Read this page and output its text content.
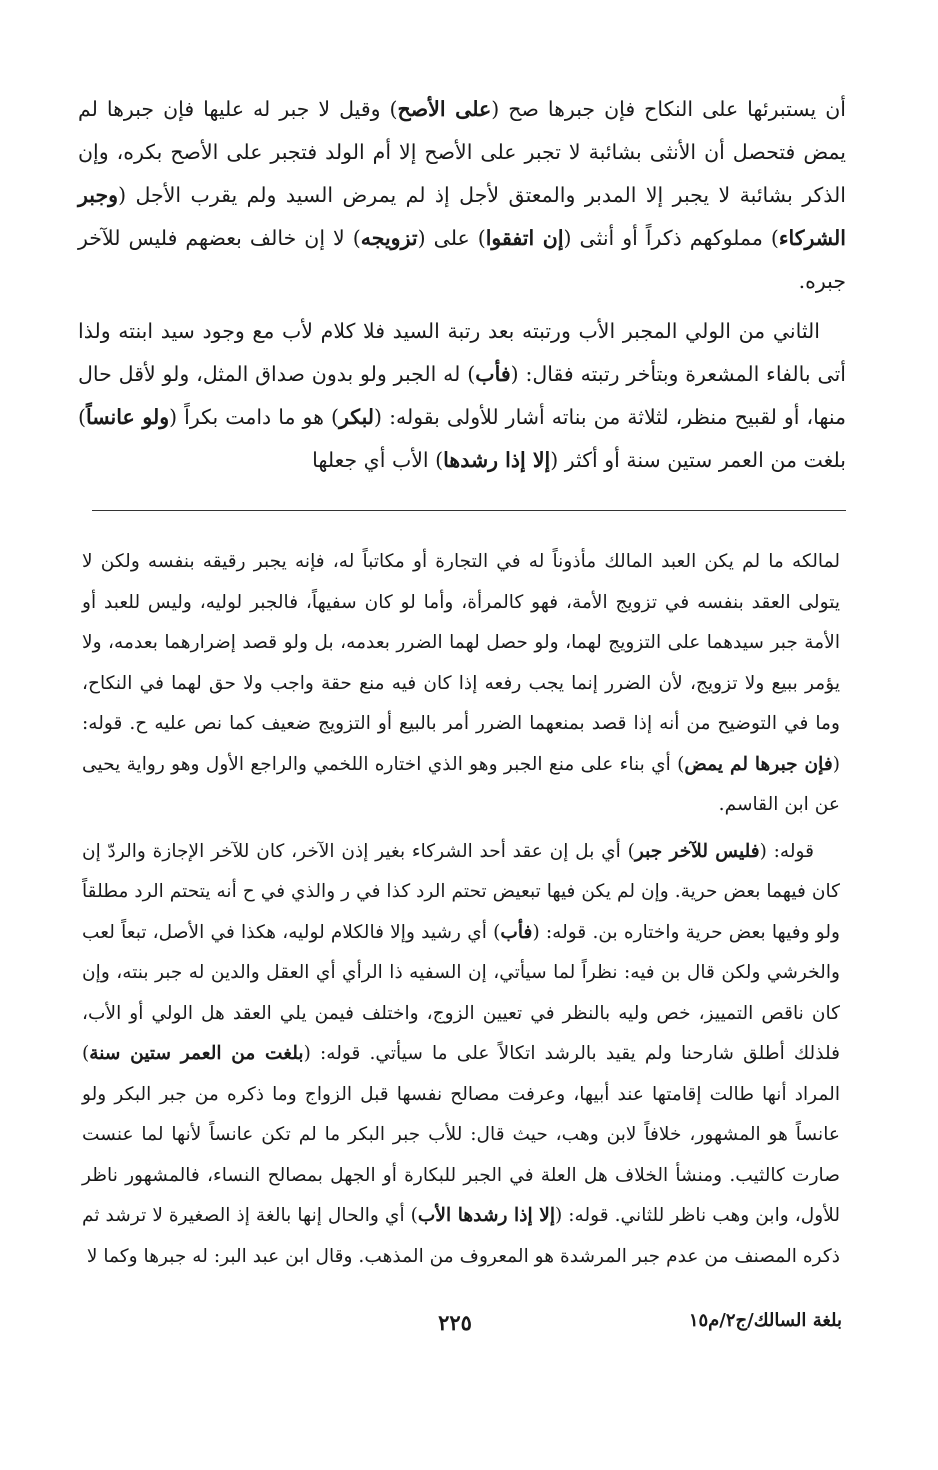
أن يستبرئها على النكاح فإن جبرها صح (على الأصح) وقيل لا جبر له عليها فإن جبرها لم يمض فتحصل أن الأنثى بشائبة لا تجبر على الأصح إلا أم الولد فتجبر على الأصح بكره، وإن الذكر بشائبة لا يجبر إلا المدبر والمعتق لأجل إذ لم يمرض السيد ولم يقرب الأجل (وجبر الشركاء) مملوكهم ذكراً أو أنثى (إن اتفقوا) على (تزويجه) لا إن خالف بعضهم فليس للآخر جبره.

الثاني من الولي المجبر الأب ورتبته بعد رتبة السيد فلا كلام لأب مع وجود سيد ابنته ولذا أتى بالفاء المشعرة وبتأخر رتبته فقال: (فأب) له الجبر ولو بدون صداق المثل، ولو لأقل حال منها، أو لقبيح منظر، لثلاثة من بناته أشار للأولى بقوله: (لبكر) هو ما دامت بكراً (ولو عانساً) بلغت من العمر ستين سنة أو أكثر (إلا إذا رشدها) الأب أي جعلها

لمالكه ما لم يكن العبد المالك مأذوناً له في التجارة أو مكاتباً له، فإنه يجبر رقيقه بنفسه ولكن لا يتولى العقد بنفسه في تزويج الأمة، فهو كالمرأة، وأما لو كان سفيهاً، فالجبر لوليه، وليس للعبد أو الأمة جبر سيدهما على التزويج لهما، ولو حصل لهما الضرر بعدمه، بل ولو قصد إضرارهما بعدمه، ولا يؤمر ببيع ولا تزويج، لأن الضرر إنما يجب رفعه إذا كان فيه منع حقة واجب ولا حق لهما في النكاح، وما في التوضيح من أنه إذا قصد بمنعهما الضرر أمر بالبيع أو التزويج ضعيف كما نص عليه ح. قوله: (فإن جبرها لم يمض) أي بناء على منع الجبر وهو الذي اختاره اللخمي والراجع الأول وهو رواية يحيى عن ابن القاسم.

قوله: (فليس للآخر جبر) أي بل إن عقد أحد الشركاء بغير إذن الآخر، كان للآخر الإجازة والردّ إن كان فيهما بعض حرية. وإن لم يكن فيها تبعيض تحتم الرد كذا في ر والذي في ح أنه يتحتم الرد مطلقاً ولو وفيها بعض حرية واختاره بن. قوله: (فأب) أي رشيد وإلا فالكلام لوليه، هكذا في الأصل، تبعاً لعب والخرشي ولكن قال بن فيه: نظراً لما سيأتي، إن السفيه ذا الرأي أي العقل والدين له جبر بنته، وإن كان ناقص التمييز، خص وليه بالنظر في تعيين الزوج، واختلف فيمن يلي العقد هل الولي أو الأب، فلذلك أطلق شارحنا ولم يقيد بالرشد اتكالاً على ما سيأتي. قوله: (بلغت من العمر ستين سنة) المراد أنها طالت إقامتها عند أبيها، وعرفت مصالح نفسها قبل الزواج وما ذكره من جبر البكر ولو عانساً هو المشهور، خلافاً لابن وهب، حيث قال: للأب جبر البكر ما لم تكن عانساً لأنها لما عنست صارت كالثيب. ومنشأ الخلاف هل العلة في الجبر للبكارة أو الجهل بمصالح النساء، فالمشهور ناظر للأول، وابن وهب ناظر للثاني. قوله: (إلا إذا رشدها الأب) أي والحال إنها بالغة إذ الصغيرة لا ترشد ثم ذكره المصنف من عدم جبر المرشدة هو المعروف من المذهب. وقال ابن عبد البر: له جبرها وكما لا

بلغة السالك/ج٢/م١٥
٢٢٥
